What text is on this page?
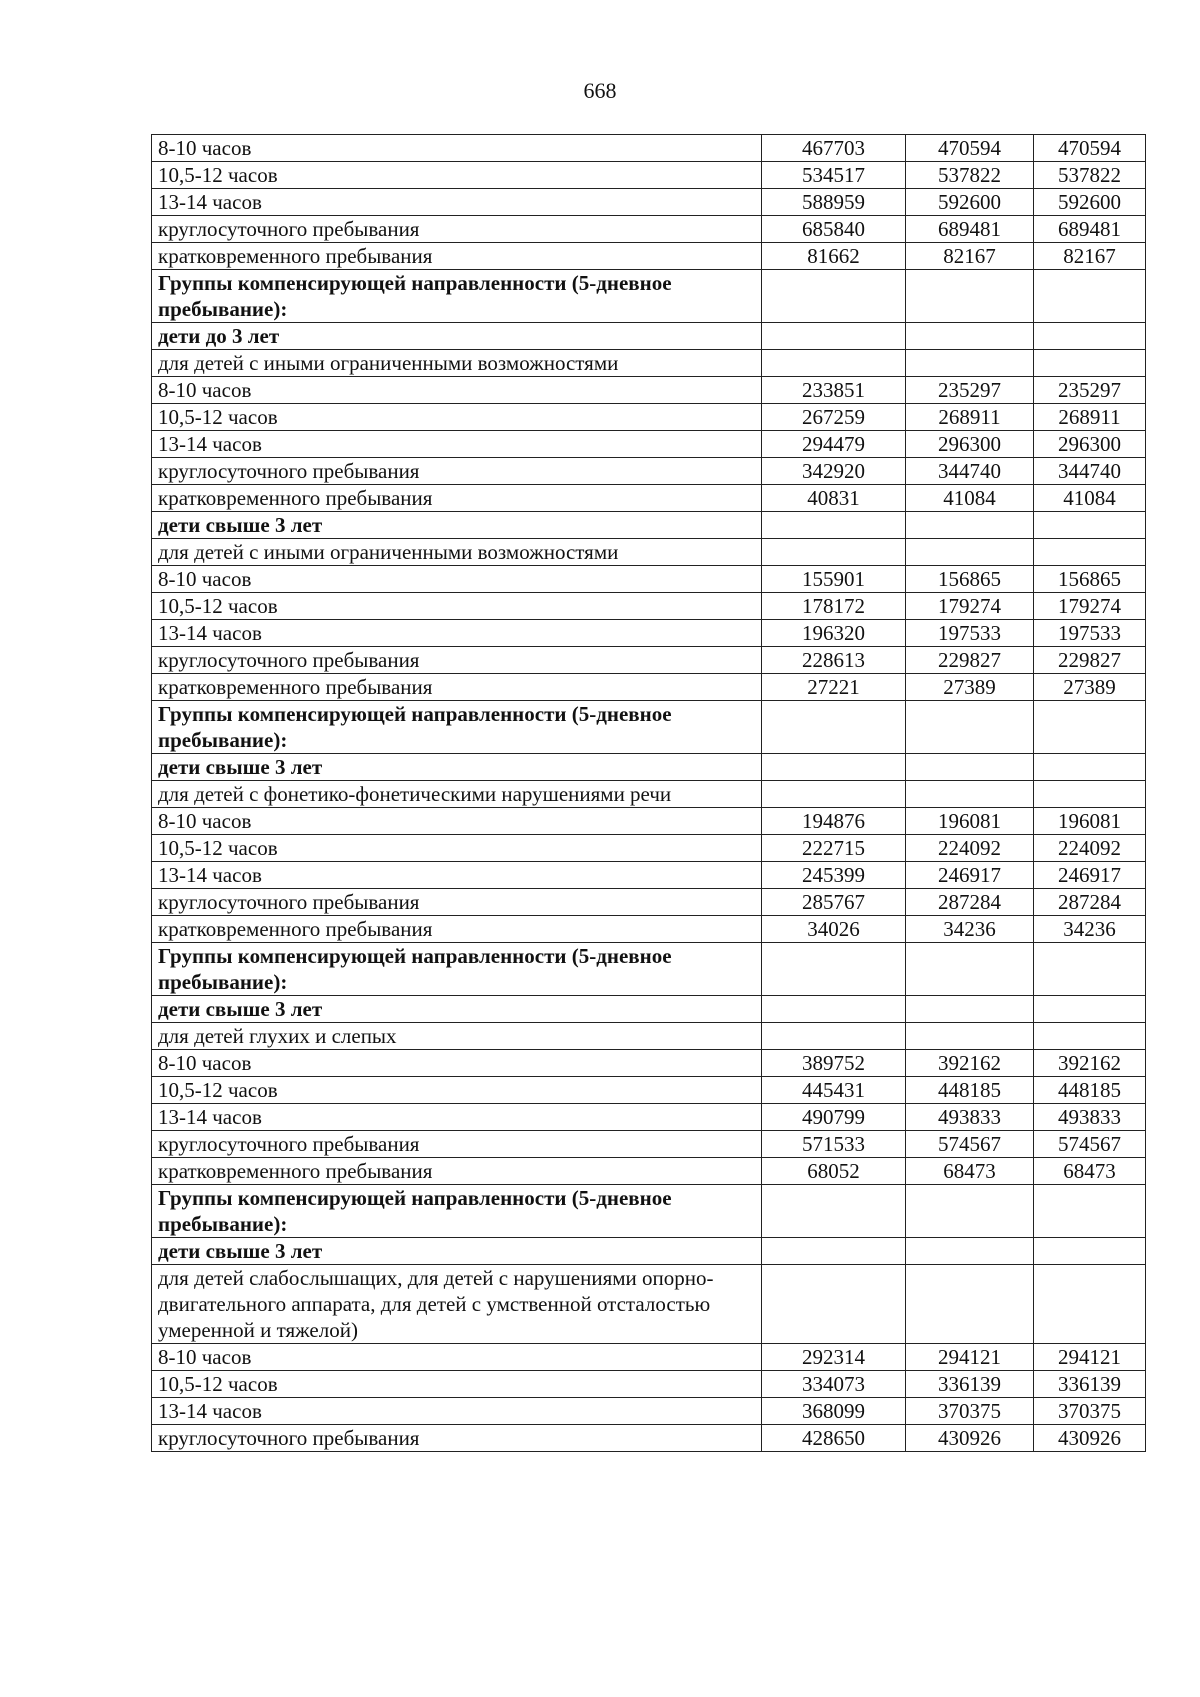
668
8-10 часов	467703	470594	470594
10,5-12 часов	534517	537822	537822
13-14 часов	588959	592600	592600
круглосуточного пребывания	685840	689481	689481
кратковременного пребывания	81662	82167	82167
Группы компенсирующей направленности (5-дневное пребывание):			
дети до 3 лет			
для детей с иными ограниченными возможностями			
8-10 часов	233851	235297	235297
10,5-12 часов	267259	268911	268911
13-14 часов	294479	296300	296300
круглосуточного пребывания	342920	344740	344740
кратковременного пребывания	40831	41084	41084
дети свыше 3 лет			
для детей с иными ограниченными возможностями			
8-10 часов	155901	156865	156865
10,5-12 часов	178172	179274	179274
13-14 часов	196320	197533	197533
круглосуточного пребывания	228613	229827	229827
кратковременного пребывания	27221	27389	27389
Группы компенсирующей направленности (5-дневное пребывание):			
дети свыше 3 лет			
для детей с фонетико-фонетическими нарушениями речи			
8-10 часов	194876	196081	196081
10,5-12 часов	222715	224092	224092
13-14 часов	245399	246917	246917
круглосуточного пребывания	285767	287284	287284
кратковременного пребывания	34026	34236	34236
Группы компенсирующей направленности (5-дневное пребывание):			
дети свыше 3 лет			
для детей глухих и слепых			
8-10 часов	389752	392162	392162
10,5-12 часов	445431	448185	448185
13-14 часов	490799	493833	493833
круглосуточного пребывания	571533	574567	574567
кратковременного пребывания	68052	68473	68473
Группы компенсирующей направленности (5-дневное пребывание):			
дети свыше 3 лет			
для детей слабослышащих, для детей с нарушениями опорно-двигательного аппарата, для детей с умственной отсталостью умеренной и тяжелой)			
8-10 часов	292314	294121	294121
10,5-12 часов	334073	336139	336139
13-14 часов	368099	370375	370375
круглосуточного пребывания	428650	430926	430926
